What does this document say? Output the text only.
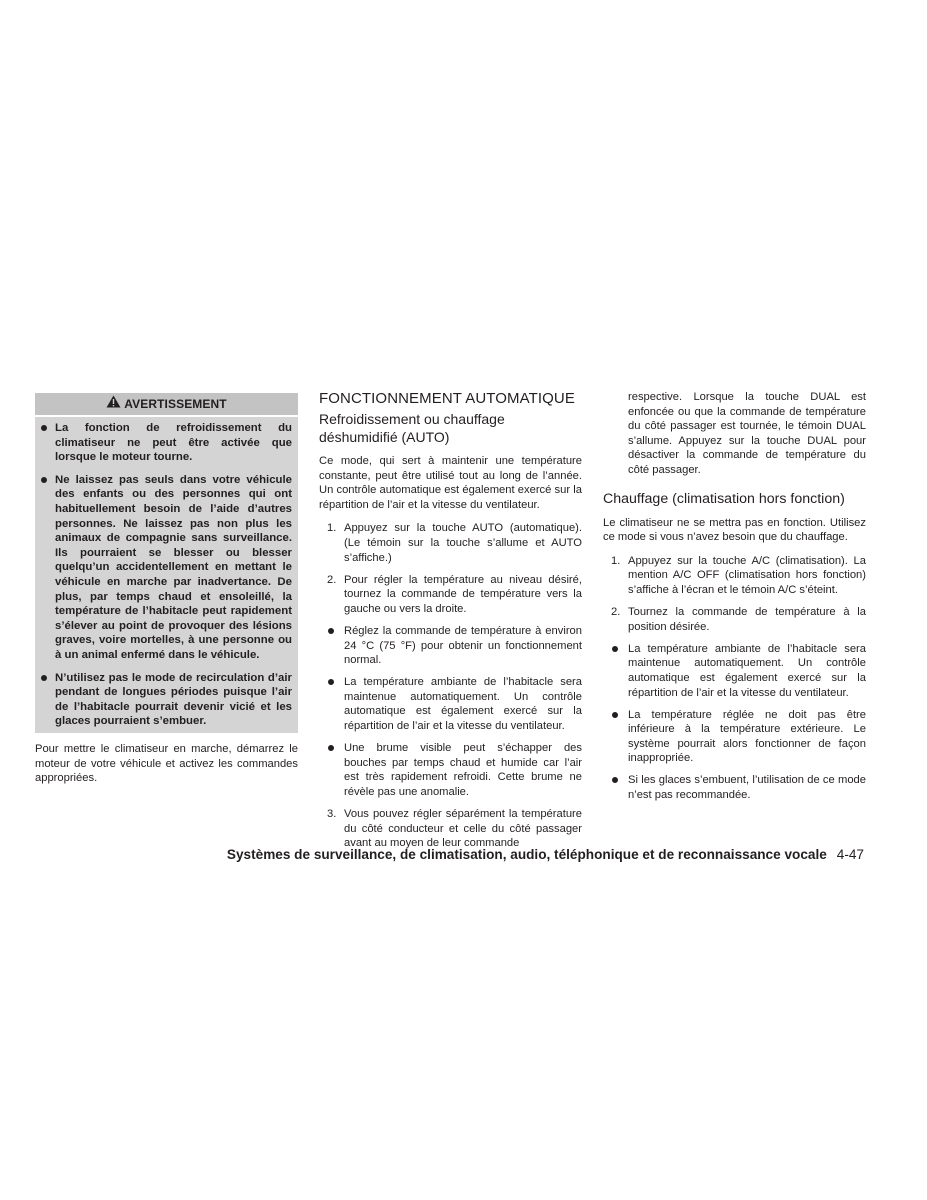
AVERTISSEMENT
La fonction de refroidissement du climatiseur ne peut être activée que lorsque le moteur tourne.
Ne laissez pas seuls dans votre véhicule des enfants ou des personnes qui ont habituellement besoin de l’aide d’autres personnes. Ne laissez pas non plus les animaux de compagnie sans surveillance. Ils pourraient se blesser ou blesser quelqu’un accidentellement en mettant le véhicule en marche par inadvertance. De plus, par temps chaud et ensoleillé, la température de l’habitacle peut rapidement s’élever au point de provoquer des lésions graves, voire mortelles, à une personne ou à un animal enfermé dans le véhicule.
N’utilisez pas le mode de recirculation d’air pendant de longues périodes puisque l’air de l’habitacle pourrait devenir vicié et les glaces pourraient s’embuer.

Pour mettre le climatiseur en marche, démarrez le moteur de votre véhicule et activez les commandes appropriées.

FONCTIONNEMENT AUTOMATIQUE
Refroidissement ou chauffage déshumidifié (AUTO)

Ce mode, qui sert à maintenir une température constante, peut être utilisé tout au long de l’année. Un contrôle automatique est également exercé sur la répartition de l’air et la vitesse du ventilateur.

1. Appuyez sur la touche AUTO (automatique). (Le témoin sur la touche s’allume et AUTO s’affiche.)
2. Pour régler la température au niveau désiré, tournez la commande de température vers la gauche ou vers la droite.
Réglez la commande de température à environ 24 °C (75 °F) pour obtenir un fonctionnement normal.
La température ambiante de l’habitacle sera maintenue automatiquement. Un contrôle automatique est également exercé sur la répartition de l’air et la vitesse du ventilateur.
Une brume visible peut s’échapper des bouches par temps chaud et humide car l’air est très rapidement refroidi. Cette brume ne révèle pas une anomalie.
3. Vous pouvez régler séparément la température du côté conducteur et celle du côté passager avant au moyen de leur commande

respective. Lorsque la touche DUAL est enfoncée ou que la commande de température du côté passager est tournée, le témoin DUAL s’allume. Appuyez sur la touche DUAL pour désactiver la commande de température du côté passager.

Chauffage (climatisation hors fonction)

Le climatiseur ne se mettra pas en fonction. Utilisez ce mode si vous n’avez besoin que du chauffage.

1. Appuyez sur la touche A/C (climatisation). La mention A/C OFF (climatisation hors fonction) s’affiche à l’écran et le témoin A/C s’éteint.
2. Tournez la commande de température à la position désirée.
La température ambiante de l’habitacle sera maintenue automatiquement. Un contrôle automatique est également exercé sur la répartition de l’air et la vitesse du ventilateur.
La température réglée ne doit pas être inférieure à la température extérieure. Le système pourrait alors fonctionner de façon inappropriée.
Si les glaces s’embuent, l’utilisation de ce mode n’est pas recommandée.
Systèmes de surveillance, de climatisation, audio, téléphonique et de reconnaissance vocale 4-47
